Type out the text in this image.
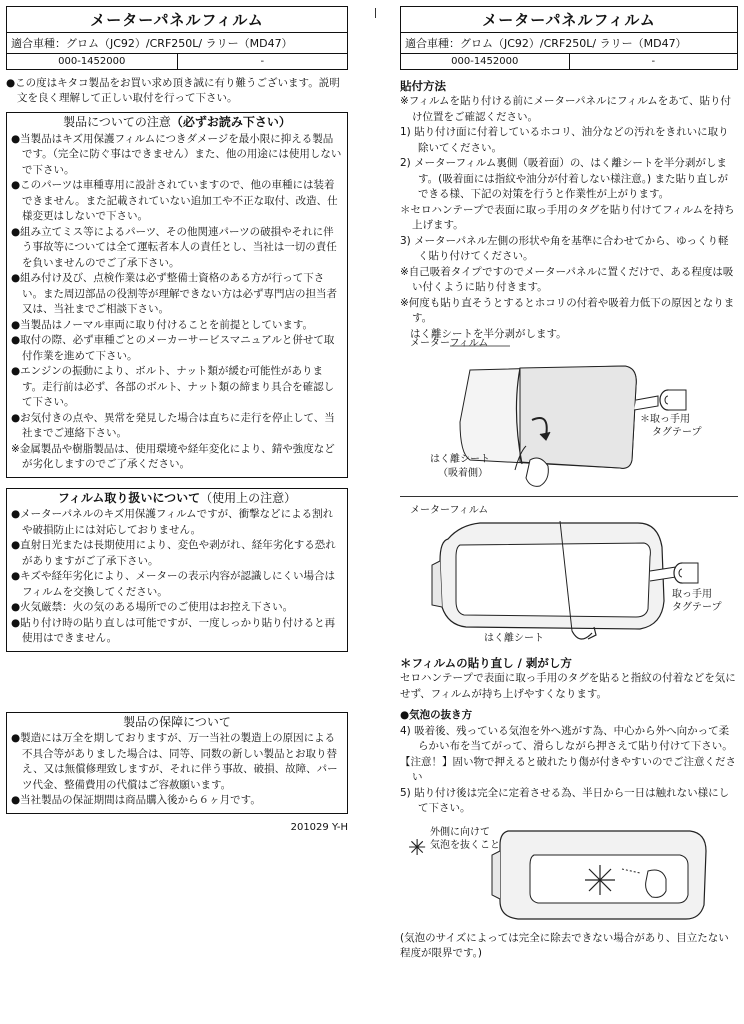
メーターパネルフィルム
適合車種：グロム（JC92）/CRF250L/ ラリー（MD47）
000-1452000	-
●この度はキタコ製品をお買い求め頂き誠に有り難うございます。説明文を良く理解して正しい取付を行って下さい。
製品についての注意（必ずお読み下さい）
●当製品はキズ用保護フィルムにつきダメージを最小限に抑える製品です。（完全に防ぐ事はできません）また、他の用途には使用しないで下さい。
●このパーツは車種専用に設計されていますので、他の車種には装着できません。また記載されていない追加工や不正な取付、改造、仕様変更はしないで下さい。
●組み立てミス等によるパーツ、その他関連パーツの破損やそれに伴う事故等については全て運転者本人の責任とし、当社は一切の責任を負いませんのでご了承下さい。
●組み付け及び、点検作業は必ず整備士資格のある方が行って下さい。また周辺部品の役割等が理解できない方は必ず専門店の担当者又は、当社までご相談下さい。
●当製品はノーマル車両に取り付けることを前提としています。
●取付の際、必ず車種ごとのメーカーサービスマニュアルと併せて取付作業を進めて下さい。
●エンジンの振動により、ボルト、ナット類が緩む可能性があります。走行前は必ず、各部のボルト、ナット類の締まり具合を確認して下さい。
●お気付きの点や、異常を発見した場合は直ちに走行を停止して、当社までご連絡下さい。
※金属製品や樹脂製品は、使用環境や経年変化により、錆や強度などが劣化しますのでご了承ください。
フィルム取り扱いについて（使用上の注意）
●メーターパネルのキズ用保護フィルムですが、衝撃などによる割れや破損防止には対応しておりません。
●直射日光または長期使用により、変色や剥がれ、経年劣化する恐れがありますがご了承下さい。
●キズや経年劣化により、メーターの表示内容が認識しにくい場合はフィルムを交換してください。
●火気厳禁：火の気のある場所でのご使用はお控え下さい。
●貼り付け時の貼り直しは可能ですが、一度しっかり貼り付けると再使用はできません。
製品の保障について
●製造には万全を期しておりますが、万一当社の製造上の原因による不具合等がありました場合は、同等、同数の新しい製品とお取り替え、又は無償修理致しますが、それに伴う事故、破損、故障、パーツ代金、整備費用の代償はご容赦願います。
●当社製品の保証期間は商品購入後から６ヶ月です。
201029 Y-H
メーターパネルフィルム
適合車種：グロム（JC92）/CRF250L/ ラリー（MD47）
000-1452000	-
貼付方法
※フィルムを貼り付ける前にメーターパネルにフィルムをあて、貼り付け位置をご確認ください。
1) 貼り付け面に付着しているホコリ、油分などの汚れをきれいに取り除いてください。
2) メーターフィルム裏側（吸着面）の、はく離シートを半分剥がします。(吸着面には指紋や油分が付着しない様注意。) また貼り直しができる様、下記の対策を行うと作業性が上がります。
＊セロハンテープで表面に取っ手用のタグを貼り付けてフィルムを持ち上げます。
3) メーターパネル左側の形状や角を基準に合わせてから、ゆっくり軽く貼り付けてください。
※自己吸着タイプですのでメーターパネルに置くだけで、ある程度は吸い付くように貼り付きます。
※何度も貼り直そうとするとホコリの付着や吸着力低下の原因となります。
はく離シートを半分剥がします。
メーターフィルム
＊取っ手用
タグテープ
はく離シート
（吸着側）
メーターフィルム
取っ手用
タグテープ
はく離シート
＊フィルムの貼り直し / 剥がし方
セロハンテープで表面に取っ手用のタグを貼ると指紋の付着などを気にせず、フィルムが持ち上げやすくなります。
●気泡の抜き方
4) 吸着後、残っている気泡を外へ逃がす為、中心から外へ向かって柔らかい布を当てがって、滑らしながら押さえて貼り付けて下さい。
【注意！】固い物で押えると破れたり傷が付きやすいのでご注意ください
5) 貼り付け後は完全に定着させる為、半日から一日は触れない様にして下さい。
✳
外側に向けて
気泡を抜くこと
(気泡のサイズによっては完全に除去できない場合があり、目立たない程度が限界です。)
